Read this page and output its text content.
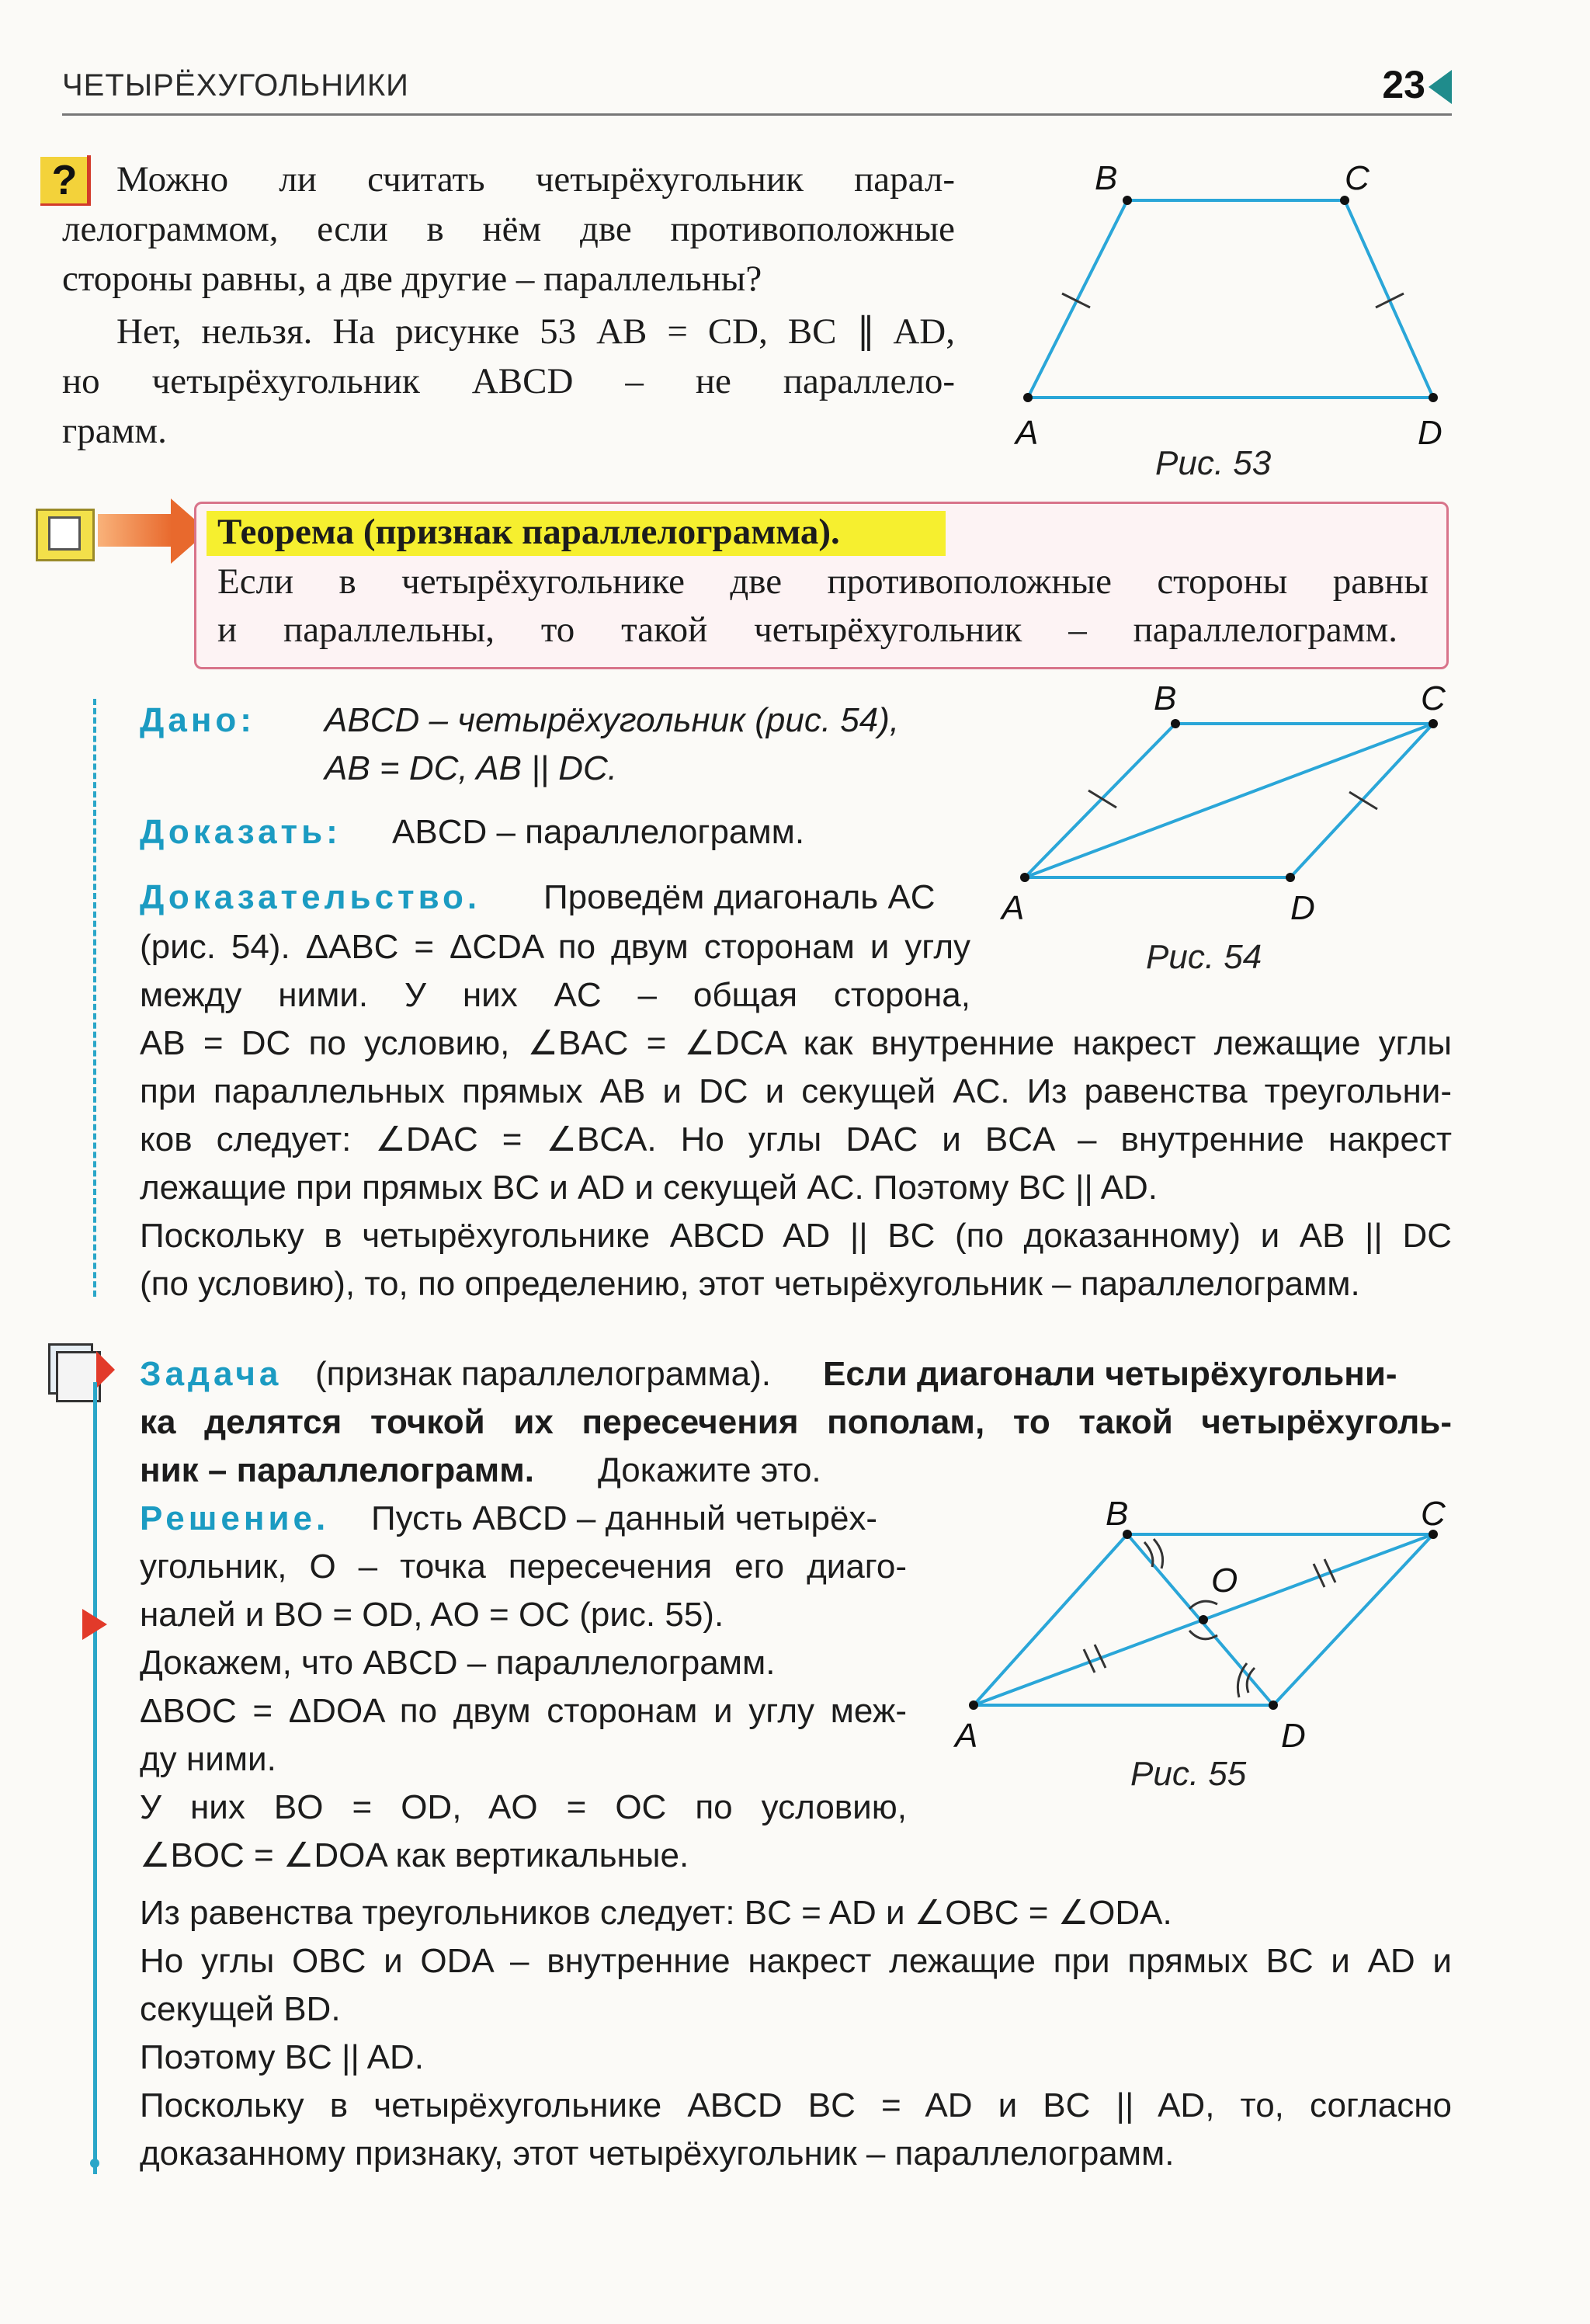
ЧЕТЫРЁХУГОЛЬНИКИ	23
?	Можно ли считать четырёхугольник парал-
лелограммом, если в нём две противоположные
стороны равны, а две другие – параллельны?
Нет, нельзя. На рисунке 53 AB = CD, BC ∥ AD,
но четырёхугольник ABCD – не параллело-
грамм.
B	C
A	D
Рис. 53
Теорема (признак параллелограмма).
Если в четырёхугольнике две противоположные стороны равны
и параллельны, то такой четырёхугольник – параллелограмм.
Дано: ABCD – четырёхугольник (рис. 54),
AB = DC, AB || DC.
Доказать: ABCD – параллелограмм.
Доказательство. Проведём диагональ AC
(рис. 54). ΔABC = ΔCDA по двум сторонам и углу
между ними. У них AC – общая сторона,
AB = DC по условию, ∠BAC = ∠DCA как внутренние накрест лежащие углы
при параллельных прямых AB и DC и секущей AC. Из равенства треугольни-
ков следует: ∠DAC = ∠BCA. Но углы DAC и BCA – внутренние накрест
лежащие при прямых BC и AD и секущей AC. Поэтому BC || AD.
Поскольку в четырёхугольнике ABCD AD || BC (по доказанному) и AB || DC
(по условию), то, по определению, этот четырёхугольник – параллелограмм.
B	C
A	D
Рис. 54
Задача (признак параллелограмма). Если диагонали четырёхугольни-
ка делятся точкой их пересечения пополам, то такой четырёхуголь-
ник – параллелограмм. Докажите это.
Решение. Пусть ABCD – данный четырёх-
угольник, O – точка пересечения его диаго-
налей и BO = OD, AO = OC (рис. 55).
Докажем, что ABCD – параллелограмм.
ΔBOC = ΔDOA по двум сторонам и углу меж-
ду ними.
У них BO = OD, AO = OC по условию,
∠BOC = ∠DOA как вертикальные.
Из равенства треугольников следует: BC = AD и ∠OBC = ∠ODA.
Но углы OBC и ODA – внутренние накрест лежащие при прямых BC и AD и
секущей BD.
Поэтому BC || AD.
Поскольку в четырёхугольнике ABCD BC = AD и BC || AD, то, согласно
доказанному признаку, этот четырёхугольник – параллелограмм.
B	C
A	D
O
Рис. 55
